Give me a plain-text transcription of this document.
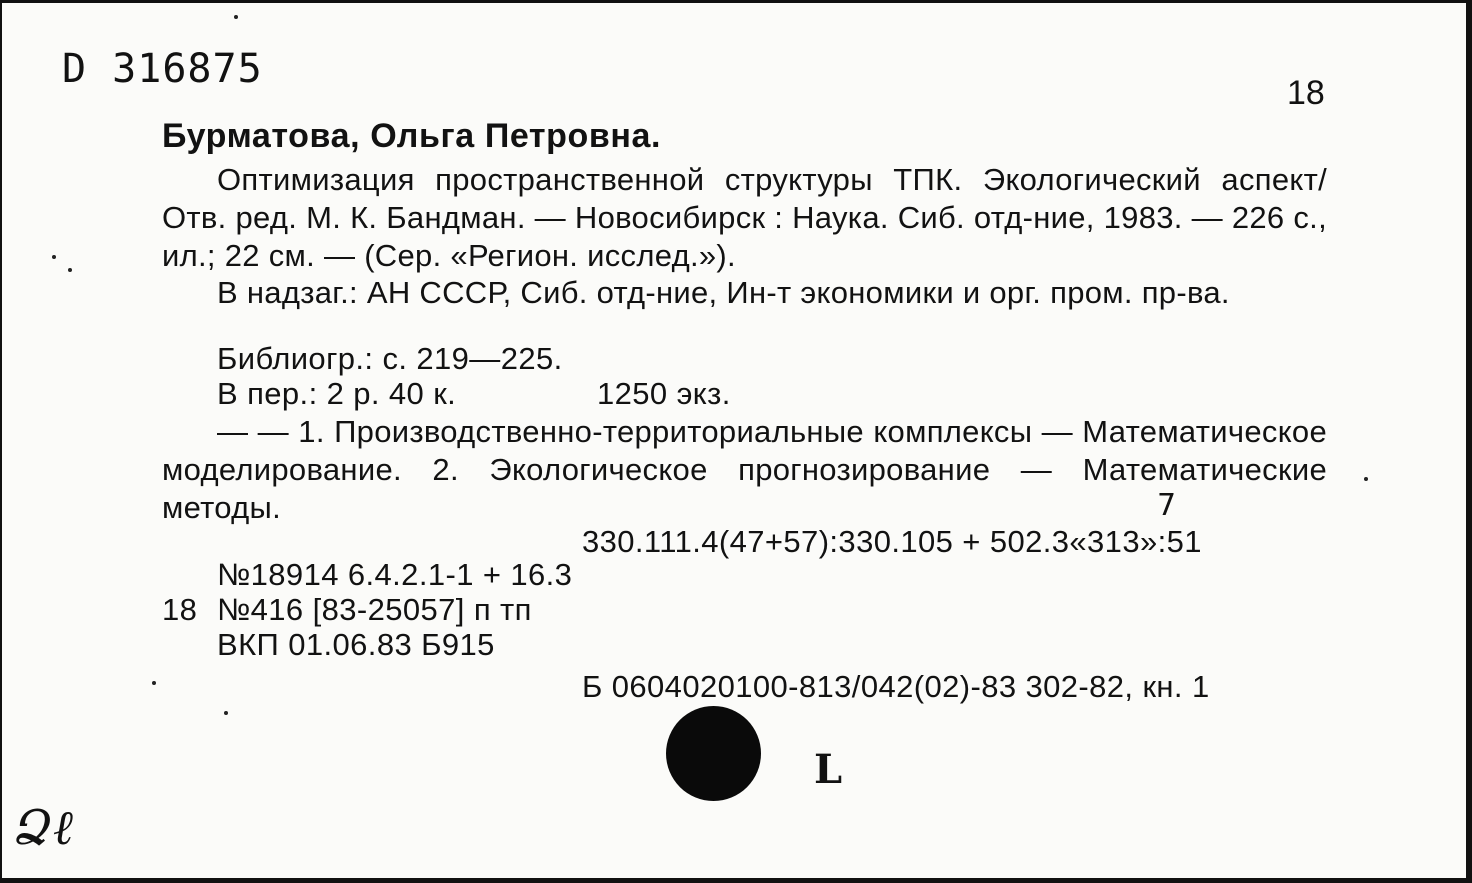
D 316875
18
Бурматова, Ольга Петровна.
Оптимизация пространственной структуры ТПК. Экологический аспект/ Отв. ред. М. К. Бандман. — Новосибирск : Наука. Сиб. отд-ние, 1983. — 226 с., ил.; 22 см. — (Сер. «Регион. исслед.»).
В надзаг.: АН СССР, Сиб. отд-ние, Ин-т экономики и орг. пром. пр-ва.
Библиогр.: с. 219—225.
В пер.: 2 р. 40 к.	1250 экз.
— — 1. Производственно-территориальные комплексы — Математическое моделирование. 2. Экологическое прогнозирование — Математические методы.	7
330.111.4(47+57):330.105 + 502.3«313»:51
№18914 6.4.2.1-1 + 16.3
18 №416 [83-25057] п тп
ВКП 01.06.83 Б915
Б 0604020100-813/042(02)-83 302-82, кн. 1
L
Ձℓ
